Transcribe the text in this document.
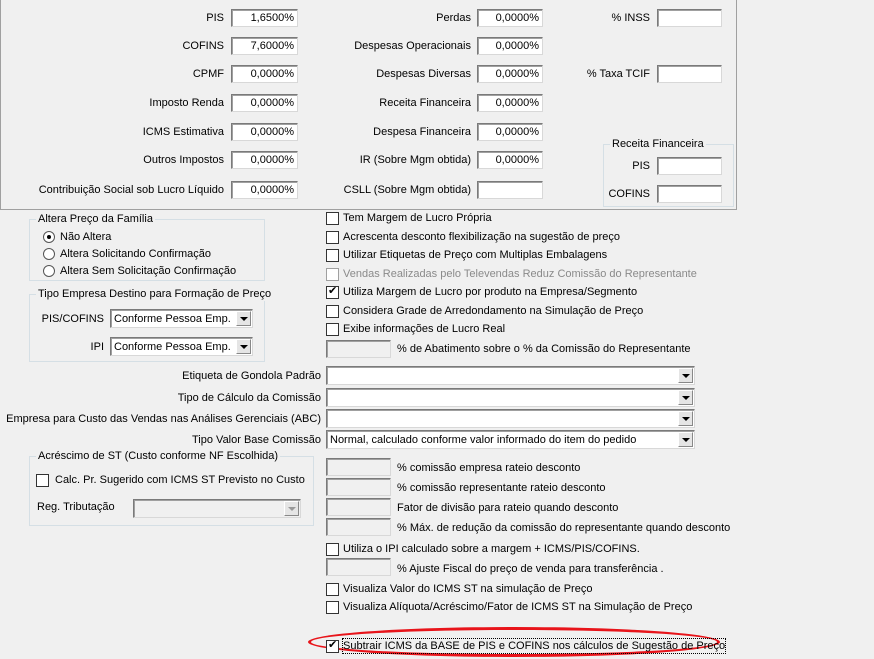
PIS	1,6500%
COFINS	7,6000%
CPMF	0,0000%
Imposto Renda	0,0000%
ICMS Estimativa	0,0000%
Outros Impostos	0,0000%
Contribuição Social sob Lucro Líquido	0,0000%
Perdas	0,0000%
Despesas Operacionais	0,0000%
Despesas Diversas	0,0000%
Receita Financeira	0,0000%
Despesa Financeira	0,0000%
IR (Sobre Mgm obtida)	0,0000%
CSLL (Sobre Mgm obtida)
% INSS
% Taxa TCIF
Receita Financeira
PIS
COFINS
Altera Preço da Família
Não Altera
Altera Solicitando Confirmação
Altera Sem Solicitação Confirmação
Tipo Empresa Destino para Formação de Preço
PIS/COFINS Conforme Pessoa Emp.
IPI Conforme Pessoa Emp.
Tem Margem de Lucro Própria
Acrescenta desconto flexibilização na sugestão de preço
Utilizar Etiquetas de Preço com Multiplas Embalagens
Vendas Realizadas pelo Televendas Reduz Comissão do Representante
✔
Utiliza Margem de Lucro por produto na Empresa/Segmento
Considera Grade de Arredondamento na Simulação de Preço
Exibe informações de Lucro Real
% de Abatimento sobre o % da Comissão do Representante
Etiqueta de Gondola Padrão
Tipo de Cálculo da Comissão
Empresa para Custo das Vendas nas Análises Gerenciais (ABC)
Tipo Valor Base Comissão Normal, calculado conforme valor informado do item do pedido
Acréscimo de ST (Custo conforme NF Escolhida)
Calc. Pr. Sugerido com ICMS ST Previsto no Custo
Reg. Tributação
% comissão empresa rateio desconto
% comissão representante rateio desconto
Fator de divisão para rateio quando desconto
% Máx. de redução da comissão do representante quando desconto
Utiliza o IPI calculado sobre a margem + ICMS/PIS/COFINS.
% Ajuste Fiscal do preço de venda para transferência .
Visualiza Valor do ICMS ST na simulação de Preço
Visualiza Alíquota/Acréscimo/Fator de ICMS ST na Simulação de Preço
✔
Subtrair ICMS da BASE de PIS e COFINS nos cálculos de Sugestão de Preço
